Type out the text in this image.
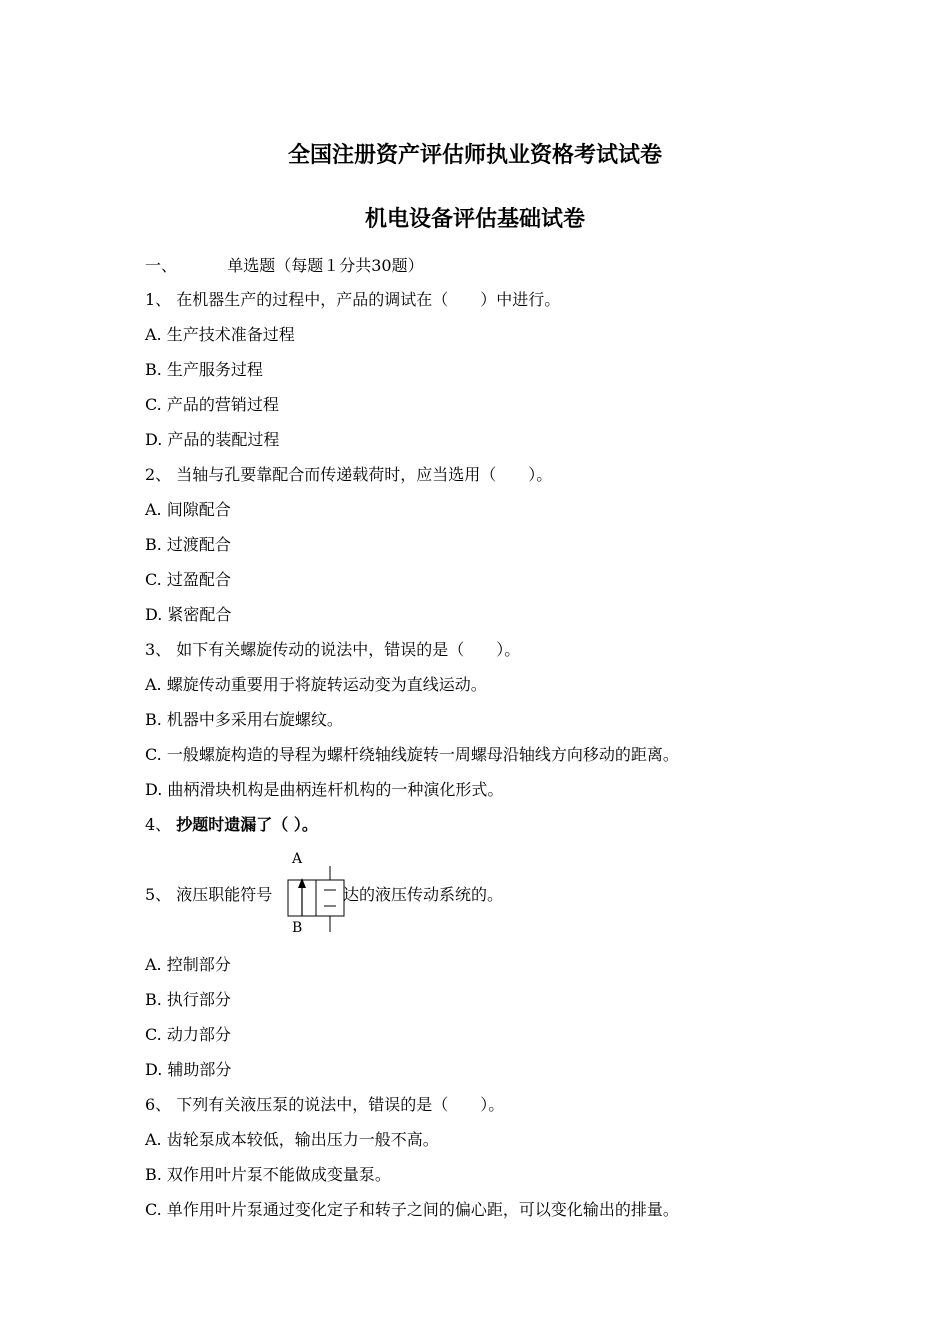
全国注册资产评估师执业资格考试试卷
机电设备评估基础试卷
一、	单选题（每题１分共30题）
1、 在机器生产的过程中，产品的调试在（　　）中进行。
A. 生产技术准备过程
B. 生产服务过程
C. 产品的营销过程
D. 产品的装配过程
2、 当轴与孔要靠配合而传递载荷时，应当选用（　　）。
A. 间隙配合
B. 过渡配合
C. 过盈配合
D. 紧密配合
3、 如下有关螺旋传动的说法中，错误的是（　　）。
A. 螺旋传动重要用于将旋转运动变为直线运动。
B. 机器中多采用右旋螺纹。
C. 一般螺旋构造的导程为螺杆绕轴线旋转一周螺母沿轴线方向移动的距离。
D. 曲柄滑块机构是曲柄连杆机构的一种演化形式。
4、 抄题时遗漏了（ ）。
A
5、 液压职能符号	达的液压传动系统的。
B
A. 控制部分
B. 执行部分
C. 动力部分
D. 辅助部分
6、 下列有关液压泵的说法中，错误的是（　　）。
A. 齿轮泵成本较低，输出压力一般不高。
B. 双作用叶片泵不能做成变量泵。
C. 单作用叶片泵通过变化定子和转子之间的偏心距，可以变化输出的排量。
